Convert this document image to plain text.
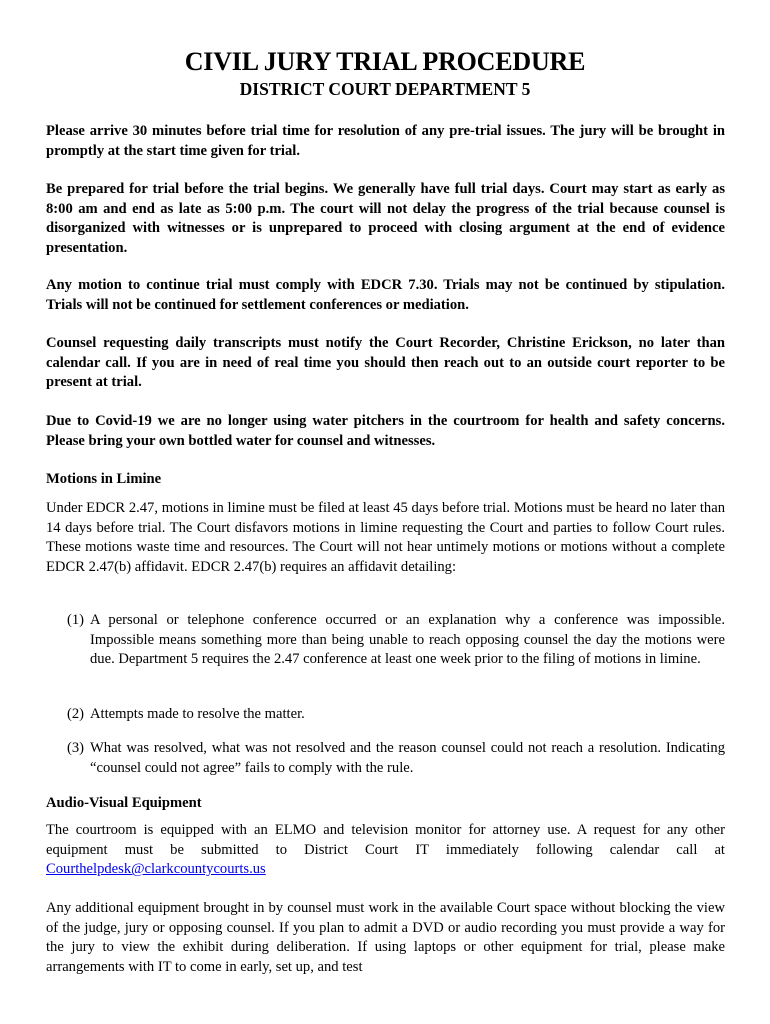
CIVIL JURY TRIAL PROCEDURE
DISTRICT COURT DEPARTMENT 5
Please arrive 30 minutes before trial time for resolution of any pre-trial issues. The jury will be brought in promptly at the start time given for trial.
Be prepared for trial before the trial begins. We generally have full trial days. Court may start as early as 8:00 am and end as late as 5:00 p.m. The court will not delay the progress of the trial because counsel is disorganized with witnesses or is unprepared to proceed with closing argument at the end of evidence presentation.
Any motion to continue trial must comply with EDCR 7.30. Trials may not be continued by stipulation. Trials will not be continued for settlement conferences or mediation.
Counsel requesting daily transcripts must notify the Court Recorder, Christine Erickson, no later than calendar call. If you are in need of real time you should then reach out to an outside court reporter to be present at trial.
Due to Covid-19 we are no longer using water pitchers in the courtroom for health and safety concerns. Please bring your own bottled water for counsel and witnesses.
Motions in Limine
Under EDCR 2.47, motions in limine must be filed at least 45 days before trial. Motions must be heard no later than 14 days before trial. The Court disfavors motions in limine requesting the Court and parties to follow Court rules. These motions waste time and resources. The Court will not hear untimely motions or motions without a complete EDCR 2.47(b) affidavit. EDCR 2.47(b) requires an affidavit detailing:
(1) A personal or telephone conference occurred or an explanation why a conference was impossible. Impossible means something more than being unable to reach opposing counsel the day the motions were due. Department 5 requires the 2.47 conference at least one week prior to the filing of motions in limine.
(2) Attempts made to resolve the matter.
(3) What was resolved, what was not resolved and the reason counsel could not reach a resolution. Indicating “counsel could not agree” fails to comply with the rule.
Audio-Visual Equipment
The courtroom is equipped with an ELMO and television monitor for attorney use. A request for any other equipment must be submitted to District Court IT immediately following calendar call at Courthelpdesk@clarkcountycourts.us
Any additional equipment brought in by counsel must work in the available Court space without blocking the view of the judge, jury or opposing counsel. If you plan to admit a DVD or audio recording you must provide a way for the jury to view the exhibit during deliberation. If using laptops or other equipment for trial, please make arrangements with IT to come in early, set up, and test
